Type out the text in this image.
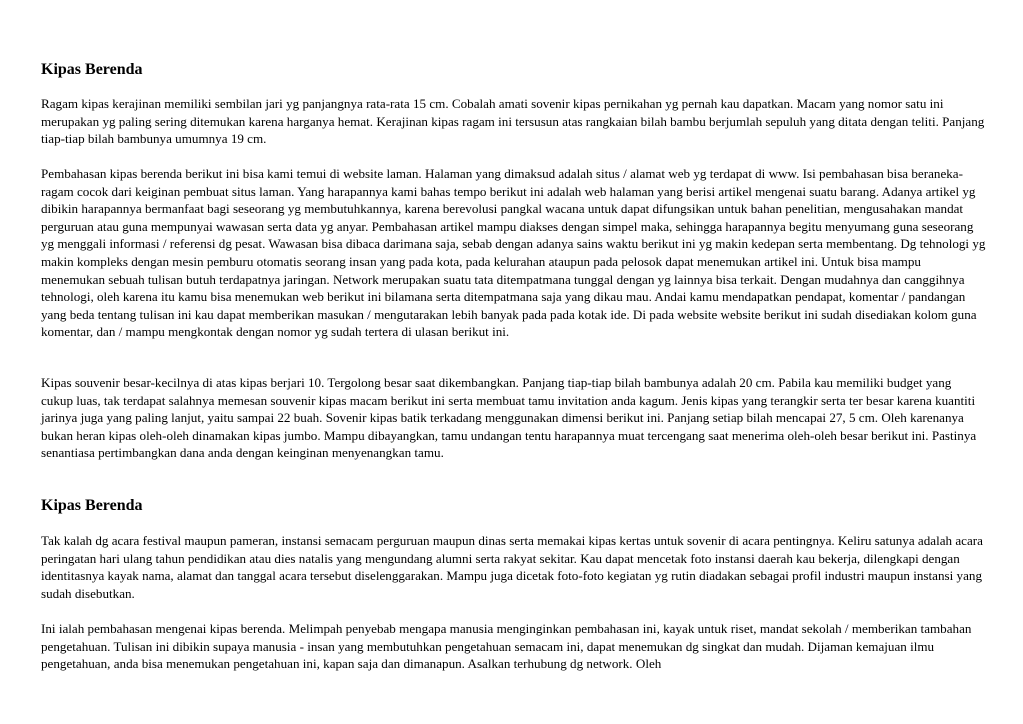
Kipas Berenda

Ragam kipas kerajinan memiliki sembilan jari yg panjangnya rata-rata 15 cm. Cobalah amati sovenir kipas pernikahan yg pernah kau dapatkan. Macam yang nomor satu ini merupakan yg paling sering ditemukan karena harganya hemat. Kerajinan kipas ragam ini tersusun atas rangkaian bilah bambu berjumlah sepuluh yang ditata dengan teliti. Panjang tiap-tiap bilah bambunya umumnya 19 cm.

Pembahasan kipas berenda berikut ini bisa kami temui di website laman. Halaman yang dimaksud adalah situs / alamat web yg terdapat di www. Isi pembahasan bisa beraneka-ragam cocok dari keiginan pembuat situs laman. Yang harapannya kami bahas tempo berikut ini adalah web halaman yang berisi artikel mengenai suatu barang. Adanya artikel yg dibikin harapannya bermanfaat bagi seseorang yg membutuhkannya, karena berevolusi pangkal wacana untuk dapat difungsikan untuk bahan penelitian, mengusahakan mandat perguruan atau guna mempunyai wawasan serta data yg anyar. Pembahasan artikel mampu diakses dengan simpel maka, sehingga harapannya begitu menyumang guna seseorang yg menggali informasi / referensi dg pesat. Wawasan bisa dibaca darimana saja, sebab dengan adanya sains waktu berikut ini yg makin kedepan serta membentang. Dg tehnologi yg makin kompleks dengan mesin pemburu otomatis seorang insan yang pada kota, pada kelurahan ataupun pada pelosok dapat menemukan artikel ini. Untuk bisa mampu menemukan sebuah tulisan butuh terdapatnya jaringan. Network merupakan suatu tata ditempatmana tunggal dengan yg lainnya bisa terkait. Dengan mudahnya dan canggihnya tehnologi, oleh karena itu kamu bisa menemukan web berikut ini bilamana serta ditempatmana saja yang dikau mau. Andai kamu mendapatkan pendapat, komentar / pandangan yang beda tentang tulisan ini kau dapat memberikan masukan / mengutarakan lebih banyak pada pada kotak ide. Di pada website website berikut ini sudah disediakan kolom guna komentar, dan / mampu mengkontak dengan nomor yg sudah tertera di ulasan berikut ini.

Kipas souvenir besar-kecilnya di atas kipas berjari 10. Tergolong besar saat dikembangkan. Panjang tiap-tiap bilah bambunya adalah 20 cm. Pabila kau memiliki budget yang cukup luas, tak terdapat salahnya memesan souvenir kipas macam berikut ini serta membuat tamu invitation anda kagum. Jenis kipas yang terangkir serta ter besar karena kuantiti jarinya juga yang paling lanjut, yaitu sampai 22 buah. Sovenir kipas batik terkadang menggunakan dimensi berikut ini. Panjang setiap bilah mencapai 27, 5 cm. Oleh karenanya bukan heran kipas oleh-oleh dinamakan kipas jumbo. Mampu dibayangkan, tamu undangan tentu harapannya muat tercengang saat menerima oleh-oleh besar berikut ini. Pastinya senantiasa pertimbangkan dana anda dengan keinginan menyenangkan tamu.

Kipas Berenda

Tak kalah dg acara festival maupun pameran, instansi semacam perguruan maupun dinas serta memakai kipas kertas untuk sovenir di acara pentingnya. Keliru satunya adalah acara peringatan hari ulang tahun pendidikan atau dies natalis yang mengundang alumni serta rakyat sekitar. Kau dapat mencetak foto instansi daerah kau bekerja, dilengkapi dengan identitasnya kayak nama, alamat dan tanggal acara tersebut diselenggarakan. Mampu juga dicetak foto-foto kegiatan yg rutin diadakan sebagai profil industri maupun instansi yang sudah disebutkan.

Ini ialah pembahasan mengenai kipas berenda. Melimpah penyebab mengapa manusia menginginkan pembahasan ini, kayak untuk riset, mandat sekolah / memberikan tambahan pengetahuan. Tulisan ini dibikin supaya manusia - insan yang membutuhkan pengetahuan semacam ini, dapat menemukan dg singkat dan mudah. Dijaman kemajuan ilmu pengetahuan, anda bisa menemukan pengetahuan ini, kapan saja dan dimanapun. Asalkan terhubung dg network. Oleh
